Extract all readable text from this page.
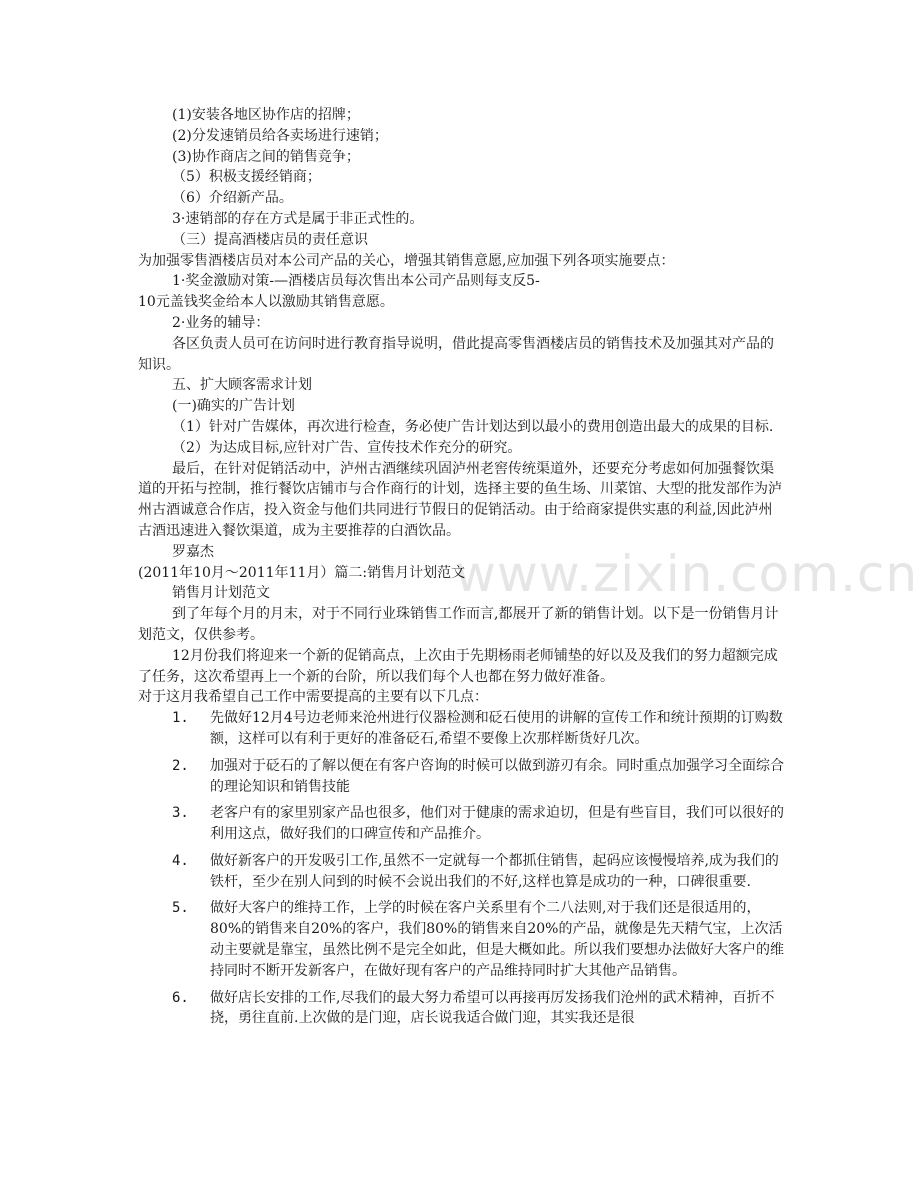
www.zixin.com.cn

(1)安装各地区协作店的招牌；

(2)分发速销员给各卖场进行速销；

(3)协作商店之间的销售竞争；

（5）积极支援经销商；

（6）介绍新产品。

3·速销部的存在方式是属于非正式性的。

（三）提高酒楼店员的责任意识

为加强零售酒楼店员对本公司产品的关心，增强其销售意愿,应加强下列各项实施要点：

1·奖金激励对策-—酒楼店员每次售出本公司产品则每支反5-

10元盖钱奖金给本人以激励其销售意愿。

2·业务的辅导：

各区负责人员可在访问时进行教育指导说明，借此提高零售酒楼店员的销售技术及加强其对产品的知识。

五、扩大顾客需求计划

(一)确实的广告计划

（1）针对广告媒体，再次进行检查，务必使广告计划达到以最小的费用创造出最大的成果的目标.

（2）为达成目标,应针对广告、宣传技术作充分的研究。

最后，在针对促销活动中，泸州古酒继续巩固泸州老窖传统渠道外，还要充分考虑如何加强餐饮渠道的开拓与控制，推行餐饮店铺市与合作商行的计划，选择主要的鱼生场、川菜馆、大型的批发部作为泸州古酒诚意合作店，投入资金与他们共同进行节假日的促销活动。由于给商家提供实惠的利益,因此泸州古酒迅速进入餐饮渠道，成为主要推荐的白酒饮品。

罗嘉杰

(2011年10月～2011年11月）篇二:销售月计划范文

销售月计划范文

到了年每个月的月末，对于不同行业珠销售工作而言,都展开了新的销售计划。以下是一份销售月计划范文，仅供参考。

12月份我们将迎来一个新的促销高点，上次由于先期杨雨老师铺垫的好以及及我们的努力超额完成了任务，这次希望再上一个新的台阶，所以我们每个人也都在努力做好准备。

对于这月我希望自己工作中需要提高的主要有以下几点：

1. 先做好12月4号边老师来沧州进行仪器检测和砭石使用的讲解的宣传工作和统计预期的订购数额，这样可以有利于更好的准备砭石,希望不要像上次那样断货好几次。
2. 加强对于砭石的了解以便在有客户咨询的时候可以做到游刃有余。同时重点加强学习全面综合的理论知识和销售技能
3. 老客户有的家里别家产品也很多，他们对于健康的需求迫切，但是有些盲目，我们可以很好的利用这点，做好我们的口碑宣传和产品推介。
4. 做好新客户的开发吸引工作,虽然不一定就每一个都抓住销售，起码应该慢慢培养,成为我们的铁杆，至少在别人问到的时候不会说出我们的不好,这样也算是成功的一种，口碑很重要.
5. 做好大客户的维持工作，上学的时候在客户关系里有个二八法则,对于我们还是很适用的，80%的销售来自20%的客户，我们80%的销售来自20%的产品，就像是先天精气宝，上次活动主要就是靠宝，虽然比例不是完全如此，但是大概如此。所以我们要想办法做好大客户的维持同时不断开发新客户，在做好现有客户的产品维持同时扩大其他产品销售。
6. 做好店长安排的工作,尽我们的最大努力希望可以再接再厉发扬我们沧州的武术精神，百折不挠，勇往直前.上次做的是门迎，店长说我适合做门迎，其实我还是很
